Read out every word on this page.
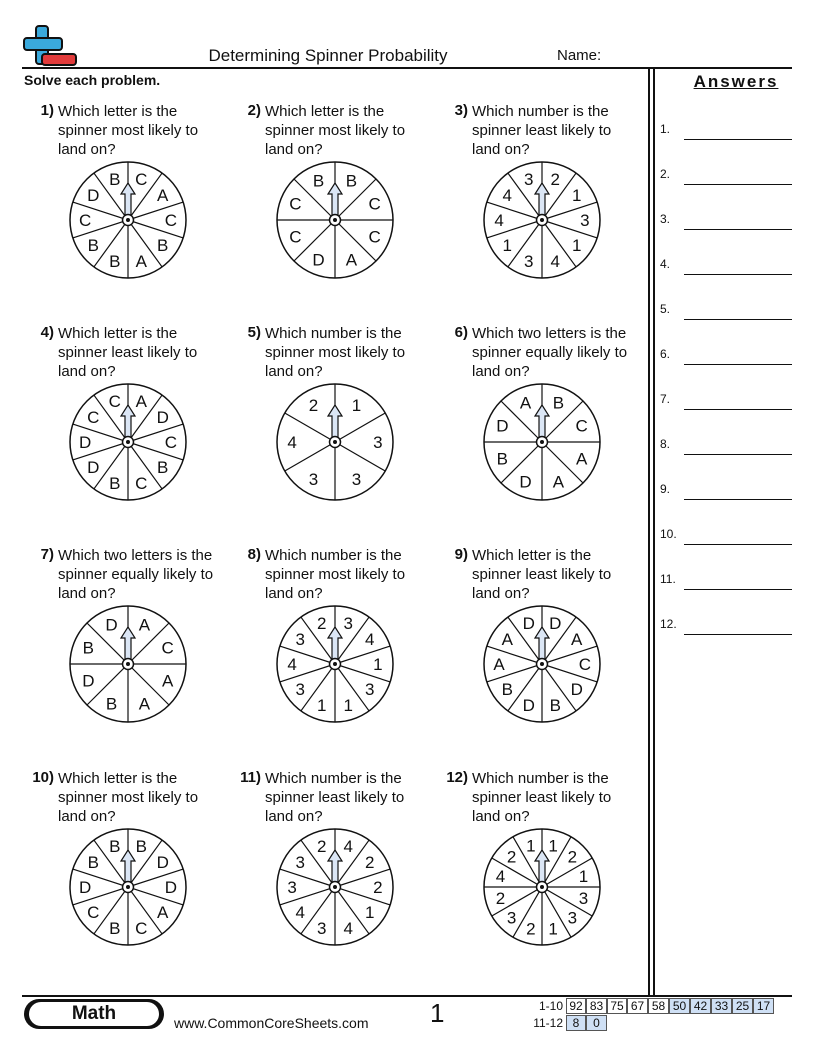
Determining Spinner Probability	Name:
Solve each problem.	Answers
1.
2.
3.
4.
5.
6.
7.
8.
9.
10.
11.
12.
1) Which letter is the
spinner most likely to
land on?
C
A
C
B
A
B
B
C
D
B
2) Which letter is the
spinner most likely to
land on?
B
C
C
A
D
C
C
B
3) Which number is the
spinner least likely to
land on?
2
1
3
1
4
3
1
4
4
3
4) Which letter is the
spinner least likely to
land on?
A
D
C
B
C
B
D
D
C
C
5) Which number is the
spinner most likely to
land on?
1
3
3
3
4
2
6) Which two letters is the
spinner equally likely to
land on?
B
C
A
A
D
B
D
A
7) Which two letters is the
spinner equally likely to
land on?
A
C
A
A
B
D
B
D
8) Which number is the
spinner most likely to
land on?
3
4
1
3
1
1
3
4
3
2
9) Which letter is the
spinner least likely to
land on?
D
A
C
D
B
D
B
A
A
D
10) Which letter is the
spinner most likely to
land on?
B
D
D
A
C
B
C
D
B
B
11) Which number is the
spinner least likely to
land on?
4
2
2
1
4
3
4
3
3
2
12) Which number is the
spinner least likely to
land on?
1
2
1
3
3
1
2
3
2
4
2
1
Math	www.CommonCoreSheets.com 1	1-10 92 83 75 67 58 50 42 33 25 17
11-12 8	0
